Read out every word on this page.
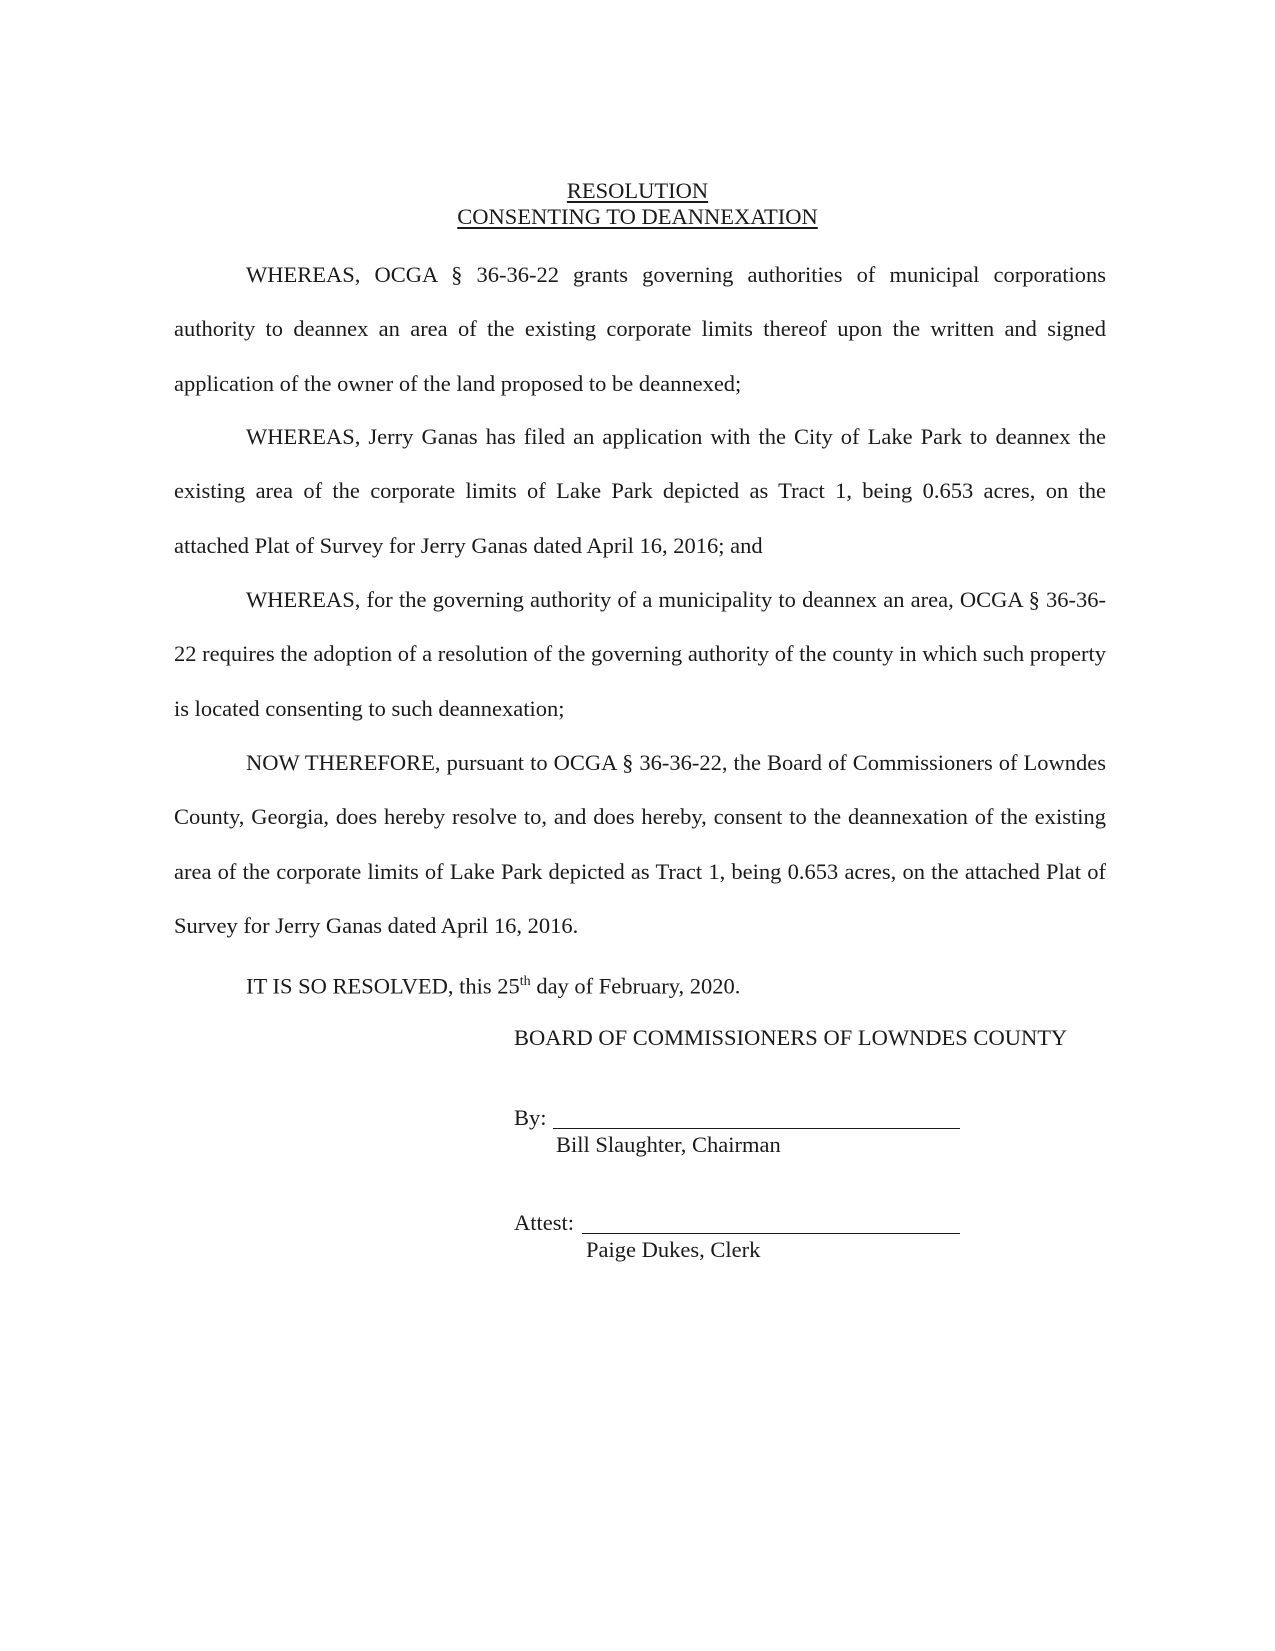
RESOLUTION
CONSENTING TO DEANNEXATION

WHEREAS, OCGA § 36-36-22 grants governing authorities of municipal corporations authority to deannex an area of the existing corporate limits thereof upon the written and signed application of the owner of the land proposed to be deannexed;

WHEREAS, Jerry Ganas has filed an application with the City of Lake Park to deannex the existing area of the corporate limits of Lake Park depicted as Tract 1, being 0.653 acres, on the attached Plat of Survey for Jerry Ganas dated April 16, 2016; and

WHEREAS, for the governing authority of a municipality to deannex an area, OCGA § 36-36-22 requires the adoption of a resolution of the governing authority of the county in which such property is located consenting to such deannexation;

NOW THEREFORE, pursuant to OCGA § 36-36-22, the Board of Commissioners of Lowndes County, Georgia, does hereby resolve to, and does hereby, consent to the deannexation of the existing area of the corporate limits of Lake Park depicted as Tract 1, being 0.653 acres, on the attached Plat of Survey for Jerry Ganas dated April 16, 2016.

IT IS SO RESOLVED, this 25th day of February, 2020.
BOARD OF COMMISSIONERS OF LOWNDES COUNTY
By:
Bill Slaughter, Chairman
Attest:
Paige Dukes, Clerk
